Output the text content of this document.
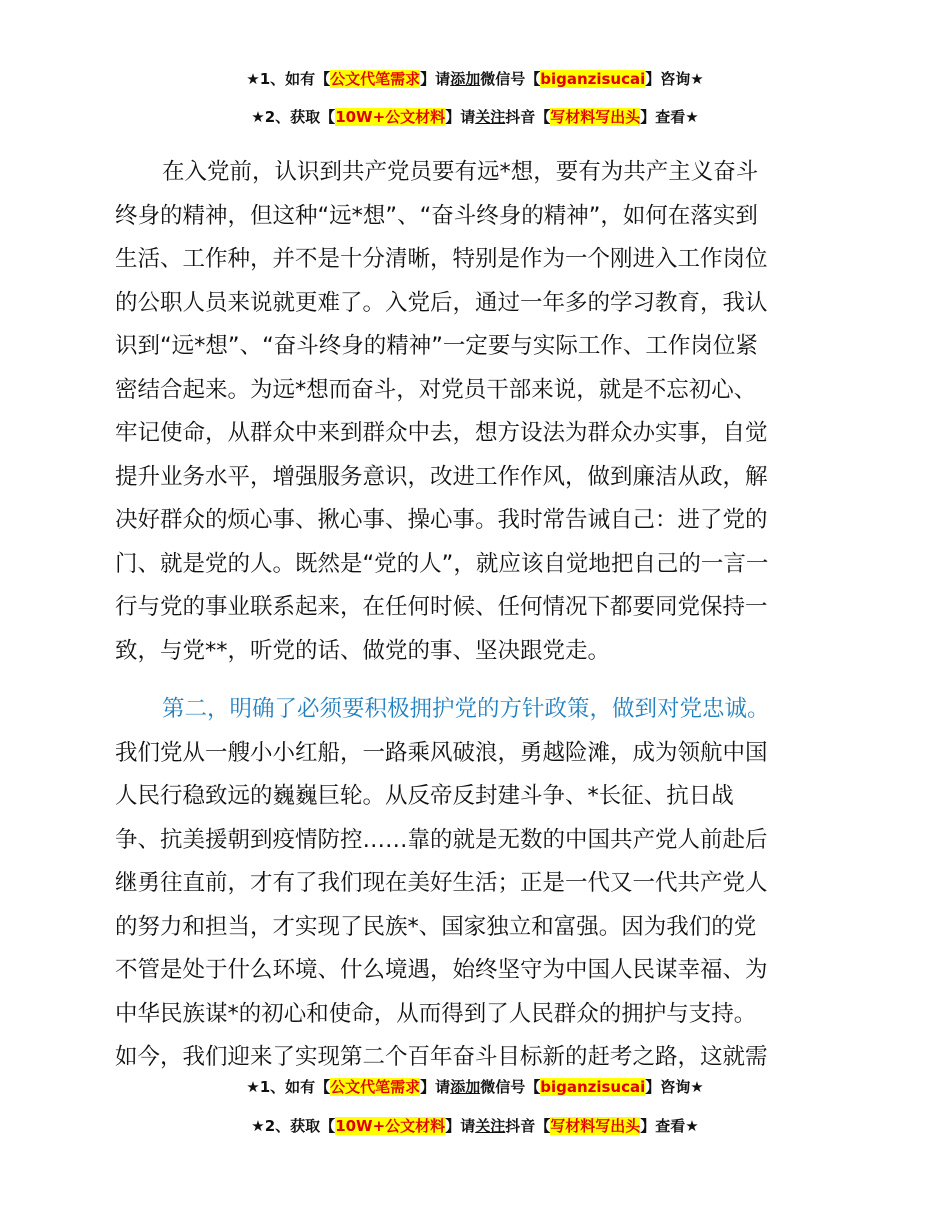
★1、如有【公文代笔需求】请添加微信号【biganzisucai】咨询★
★2、获取【10W+公文材料】请关注抖音【写材料写出头】查看★
在入党前，认识到共产党员要有远*想，要有为共产主义奋斗
终身的精神，但这种“远*想”、“奋斗终身的精神”，如何在落实到
生活、工作种，并不是十分清晰，特别是作为一个刚进入工作岗位
的公职人员来说就更难了。入党后，通过一年多的学习教育，我认
识到“远*想”、“奋斗终身的精神”一定要与实际工作、工作岗位紧
密结合起来。为远*想而奋斗，对党员干部来说，就是不忘初心、
牢记使命，从群众中来到群众中去，想方设法为群众办实事，自觉
提升业务水平，增强服务意识，改进工作作风，做到廉洁从政，解
决好群众的烦心事、揪心事、操心事。我时常告诫自己：进了党的
门、就是党的人。既然是“党的人”，就应该自觉地把自己的一言一
行与党的事业联系起来，在任何时候、任何情况下都要同党保持一
致，与党**，听党的话、做党的事、坚决跟党走。
第二，明确了必须要积极拥护党的方针政策，做到对党忠诚。
我们党从一艘小小红船，一路乘风破浪，勇越险滩，成为领航中国
人民行稳致远的巍巍巨轮。从反帝反封建斗争、*长征、抗日战
争、抗美援朝到疫情防控……靠的就是无数的中国共产党人前赴后
继勇往直前，才有了我们现在美好生活；正是一代又一代共产党人
的努力和担当，才实现了民族*、国家独立和富强。因为我们的党
不管是处于什么环境、什么境遇，始终坚守为中国人民谋幸福、为
中华民族谋*的初心和使命，从而得到了人民群众的拥护与支持。
如今，我们迎来了实现第二个百年奋斗目标新的赶考之路，这就需
★1、如有【公文代笔需求】请添加微信号【biganzisucai】咨询★
★2、获取【10W+公文材料】请关注抖音【写材料写出头】查看★
